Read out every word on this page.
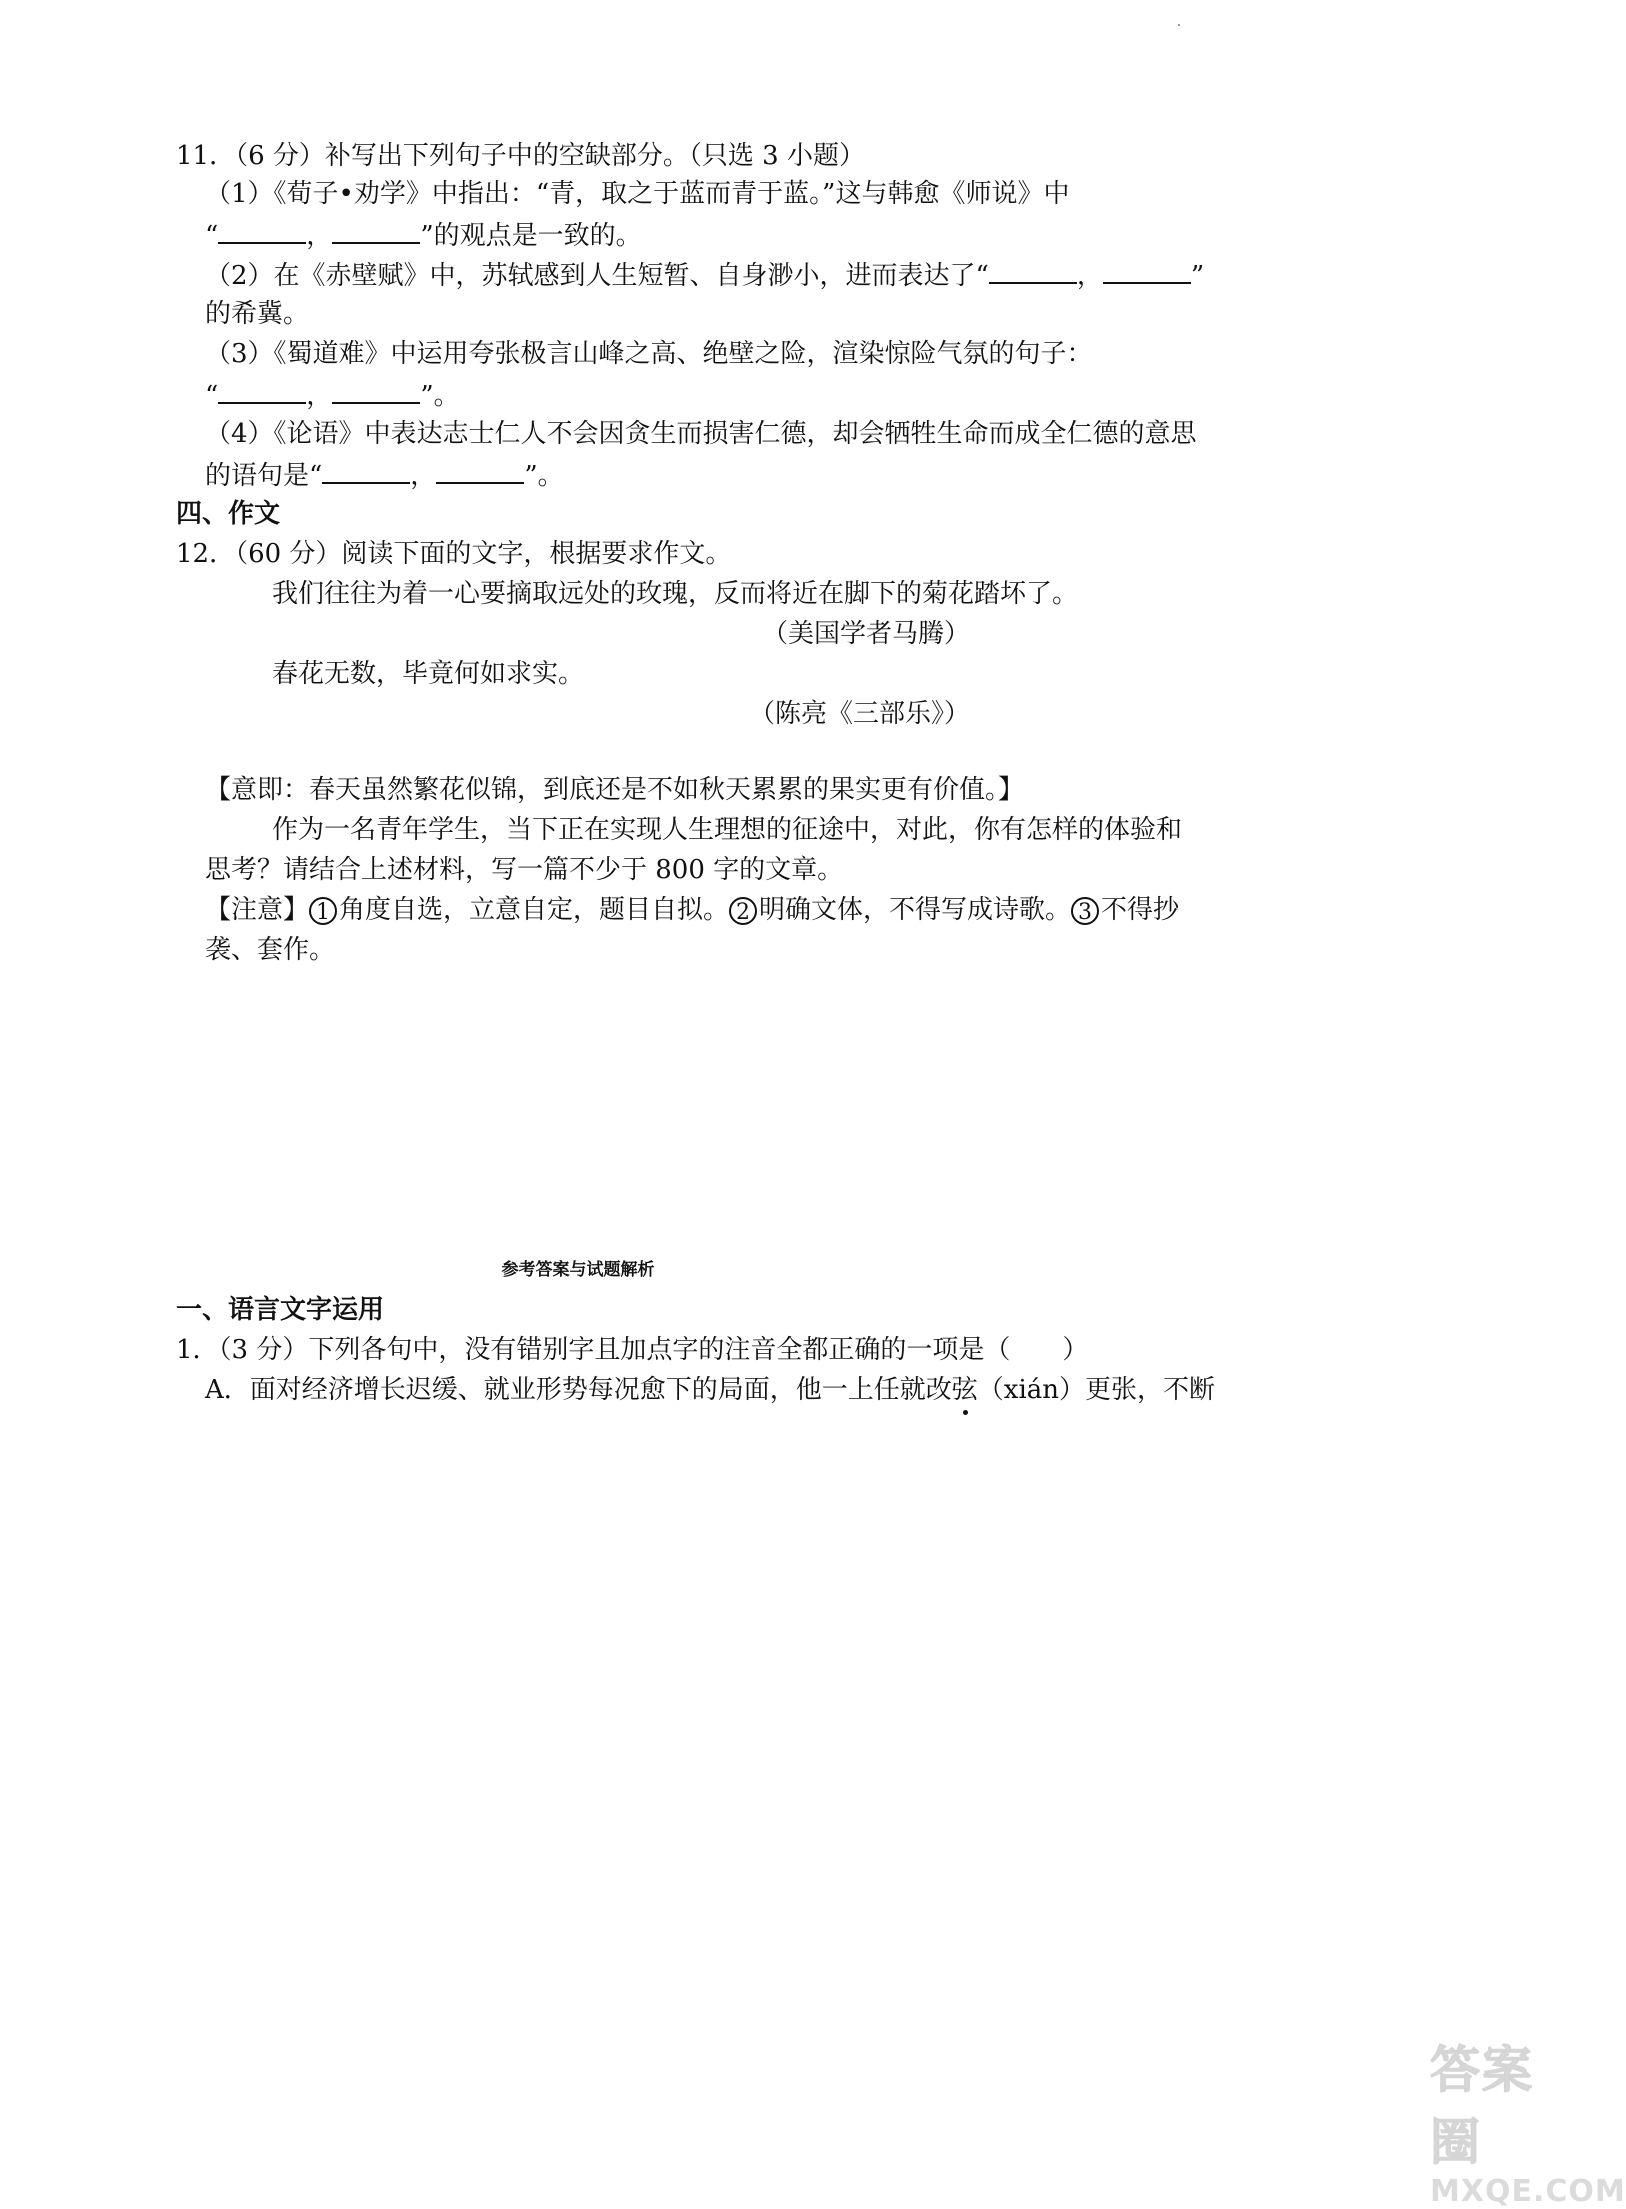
11．（6 分）补写出下列句子中的空缺部分。（只选 3 小题）
（1）《荀子•劝学》中指出：“青，取之于蓝而青于蓝。”这与韩愈《师说》中
“	，	”的观点是一致的。
（2）在《赤壁赋》中，苏轼感到人生短暂、自身渺小，进而表达了“	，	”
的希冀。
（3）《蜀道难》中运用夸张极言山峰之高、绝壁之险，渲染惊险气氛的句子：
“	，	”。
（4）《论语》中表达志士仁人不会因贪生而损害仁德，却会牺牲生命而成全仁德的意思
的语句是“	，	”。
四、作文
12．（60 分）阅读下面的文字，根据要求作文。
我们往往为着一心要摘取远处的玫瑰，反而将近在脚下的菊花踏坏了。
（美国学者马腾）
春花无数，毕竟何如求实。
（陈亮《三部乐》）
【意即：春天虽然繁花似锦，到底还是不如秋天累累的果实更有价值。】
作为一名青年学生，当下正在实现人生理想的征途中，对此，你有怎样的体验和
思考？请结合上述材料，写一篇不少于 800 字的文章。
【注意】 1 角度自选，立意自定，题目自拟。 2 明确文体，不得写成诗歌。 3 不得抄
袭、套作。
参考答案与试题解析
一、语言文字运用
1．（3 分）下列各句中，没有错别字且加点字的注音全都正确的一项是（　　）
A．面对经济增长迟缓、就业形势每况愈下的局面，他一上任就改弦（xián）更张，不断
答案圈
MXQE.COM
